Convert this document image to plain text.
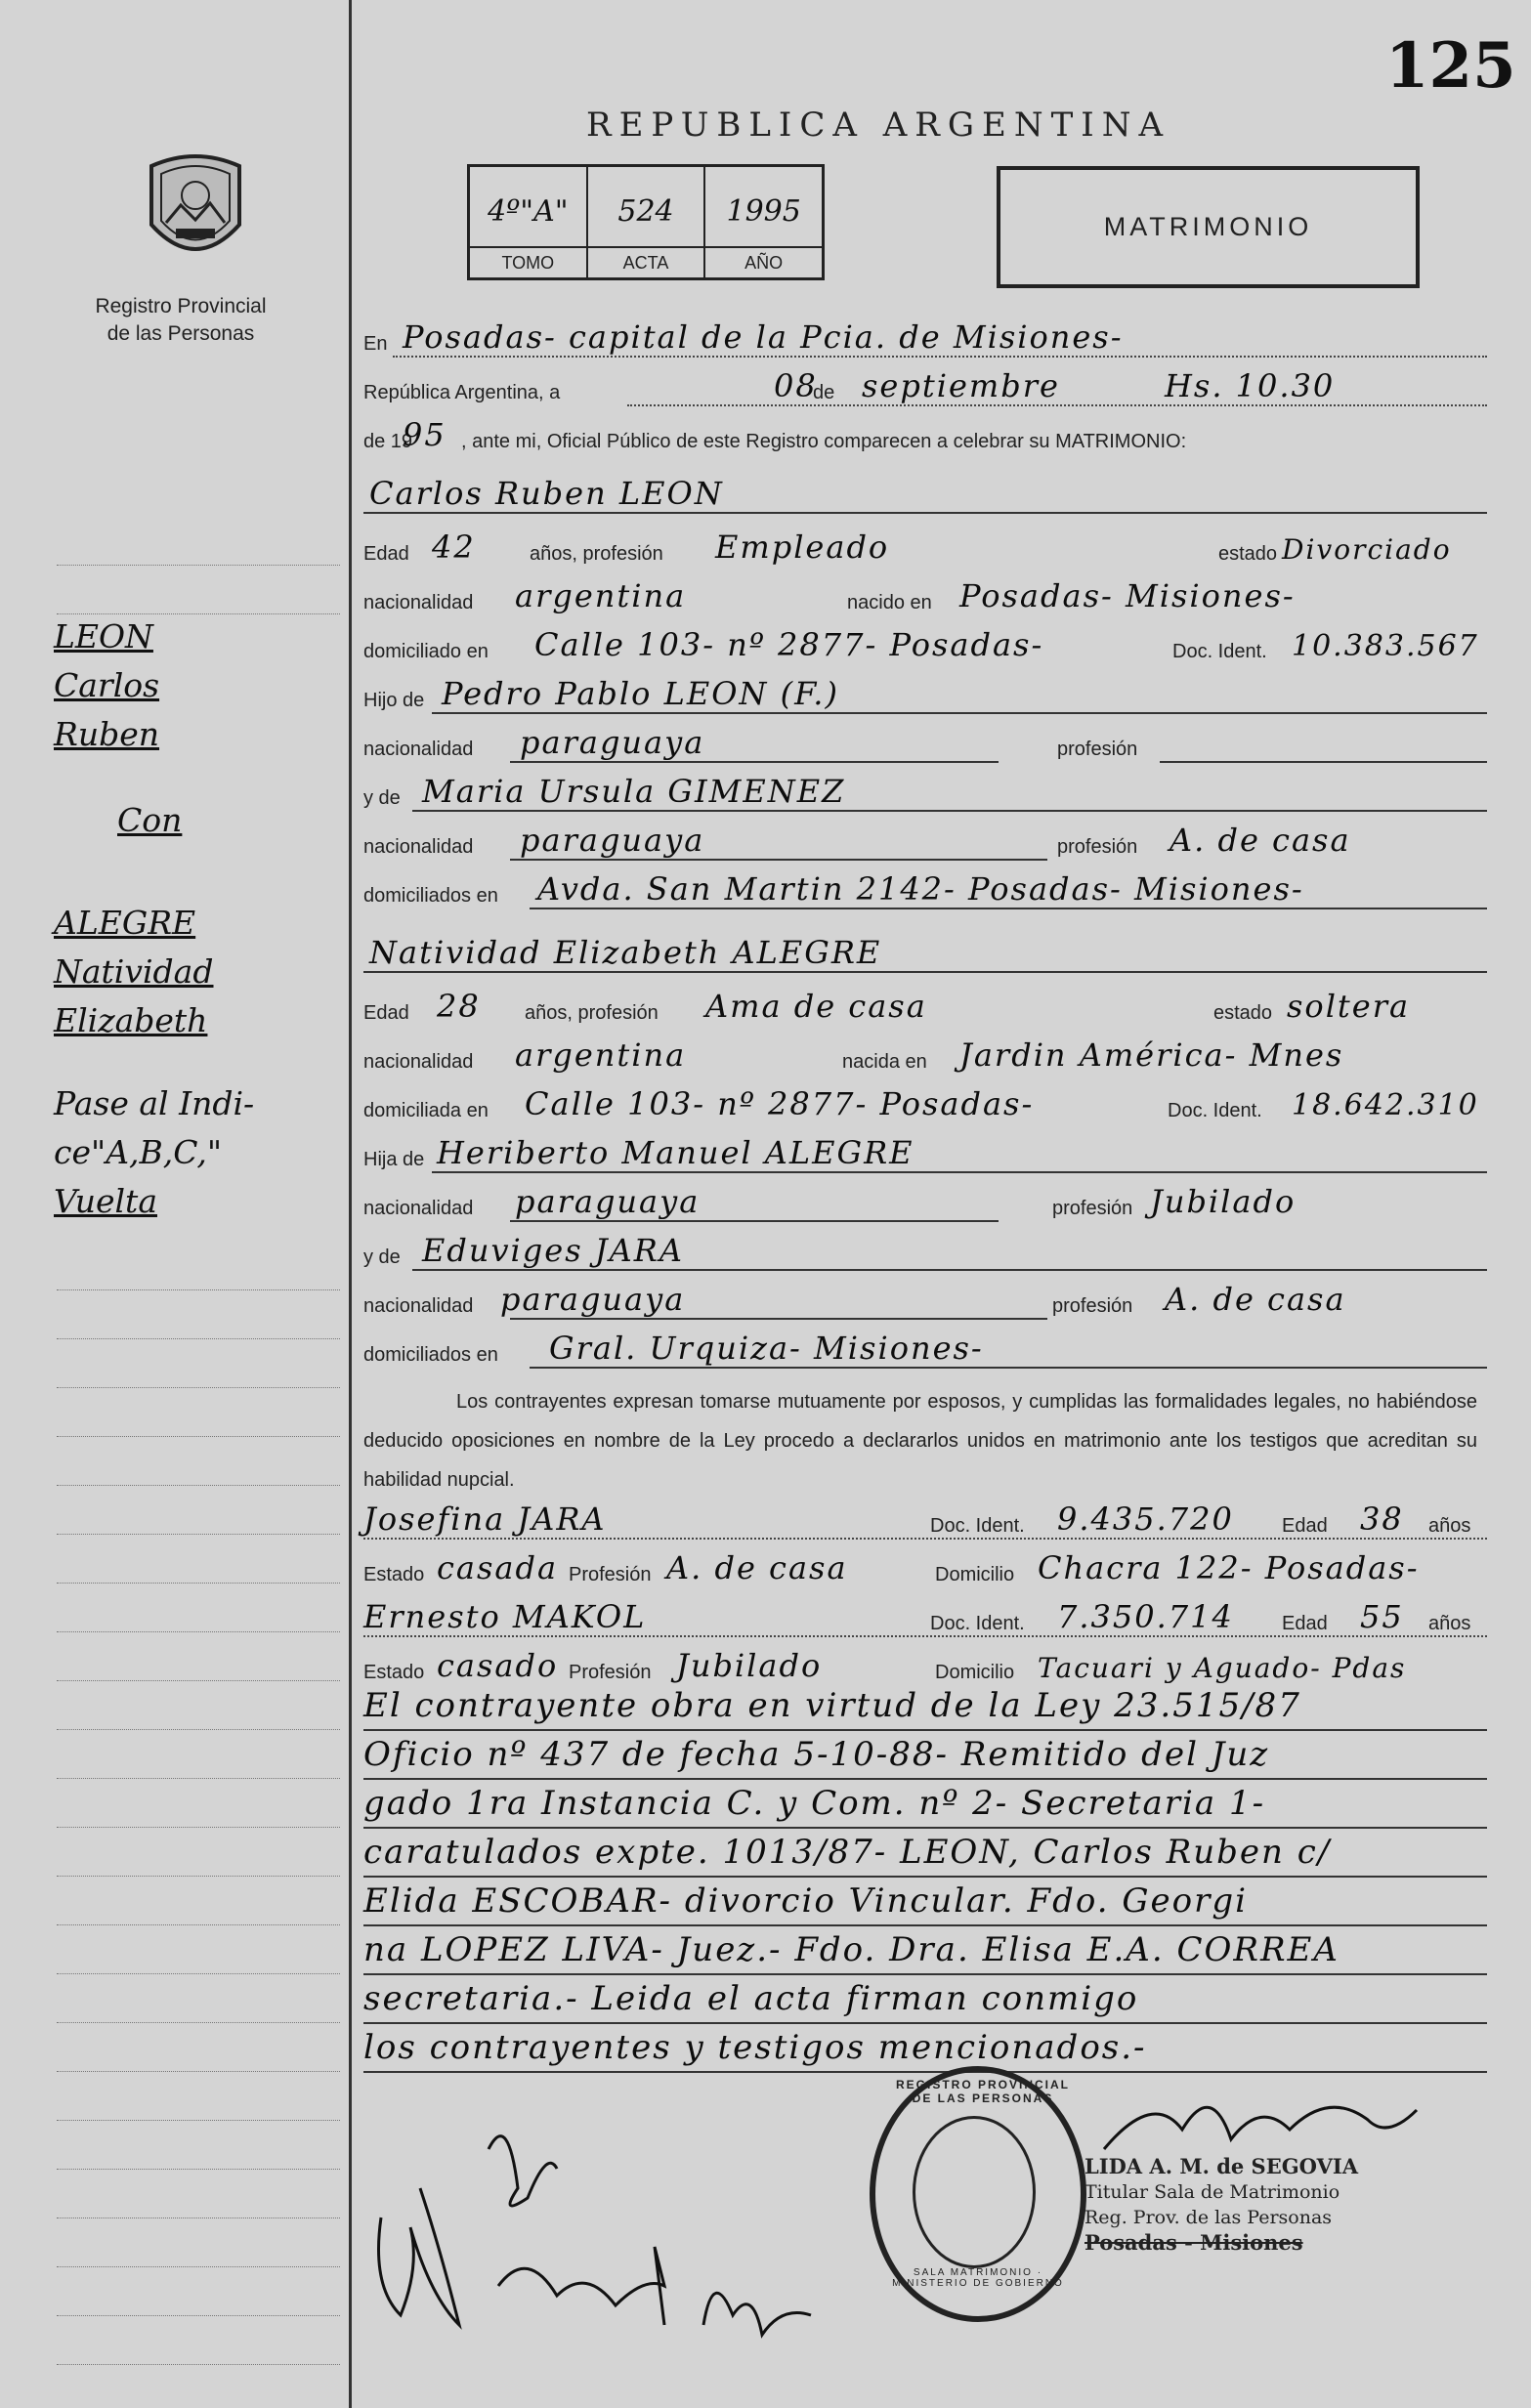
125
REPUBLICA ARGENTINA
Registro Provincial
de las Personas
4º"A"
TOMO
524
ACTA
1995
AÑO
MATRIMONIO
LEON
Carlos
Ruben
Con
ALEGRE
Natividad
Elizabeth
Pase al Indi-
ce"A,B,C,"
Vuelta
En Posadas- capital de la Pcia. de Misiones-
República Argentina, a	08
de septiembre	Hs. 10.30
de 19
95 , ante mi, Oficial Público de este Registro comparecen a celebrar su MATRIMONIO:
Carlos Ruben LEON
Edad 42	años, profesión Empleado	estado Divorciado
nacionalidad argentina	nacido en Posadas- Misiones-
domiciliado en Calle 103- nº 2877- Posadas-	Doc. Ident. 10.383.567
Hijo de Pedro Pablo LEON (F.)
nacionalidad paraguaya	profesión
y de Maria Ursula GIMENEZ
nacionalidad paraguaya	profesión A. de casa
domiciliados en Avda. San Martin 2142- Posadas- Misiones-
Natividad Elizabeth ALEGRE
Edad 28 años, profesión Ama de casa	estado soltera
nacionalidad argentina	nacida en Jardin América- Mnes
domiciliada en Calle 103- nº 2877- Posadas-	Doc. Ident. 18.642.310
Hija de Heriberto Manuel ALEGRE
nacionalidad paraguaya	profesión Jubilado
y de Eduviges JARA
nacionalidad paraguaya	profesión A. de casa
domiciliados en Gral. Urquiza- Misiones-
Los contrayentes expresan tomarse mutuamente por esposos, y cumplidas las formalidades legales, no habiéndose deducido oposiciones en nombre de la Ley procedo a declararlos unidos en matrimonio ante los testigos que acreditan su habilidad nupcial.
Josefina JARA	Doc. Ident. 9.435.720 Edad 38 años
Estado casada Profesión A. de casa	Domicilio Chacra 122- Posadas-
Ernesto MAKOL	Doc. Ident. 7.350.714 Edad 55 años
Estado casado Profesión Jubilado	Domicilio Tacuari y Aguado- Pdas
El contrayente obra en virtud de la Ley 23.515/87
Oficio nº 437 de fecha 5-10-88- Remitido del Juz
gado 1ra Instancia C. y Com. nº 2- Secretaria 1-
caratulados expte. 1013/87- LEON, Carlos Ruben c/
Elida ESCOBAR- divorcio Vincular. Fdo. Georgi
na LOPEZ LIVA- Juez.- Fdo. Dra. Elisa E.A. CORREA
secretaria.- Leida el acta firman conmigo
los contrayentes y testigos mencionados.-
REGISTRO PROVINCIAL DE LAS PERSONAS
SALA MATRIMONIO · MINISTERIO DE GOBIERNO
LIDA A. M. de SEGOVIA
Titular Sala de Matrimonio
Reg. Prov. de las Personas
Posadas - Misiones
